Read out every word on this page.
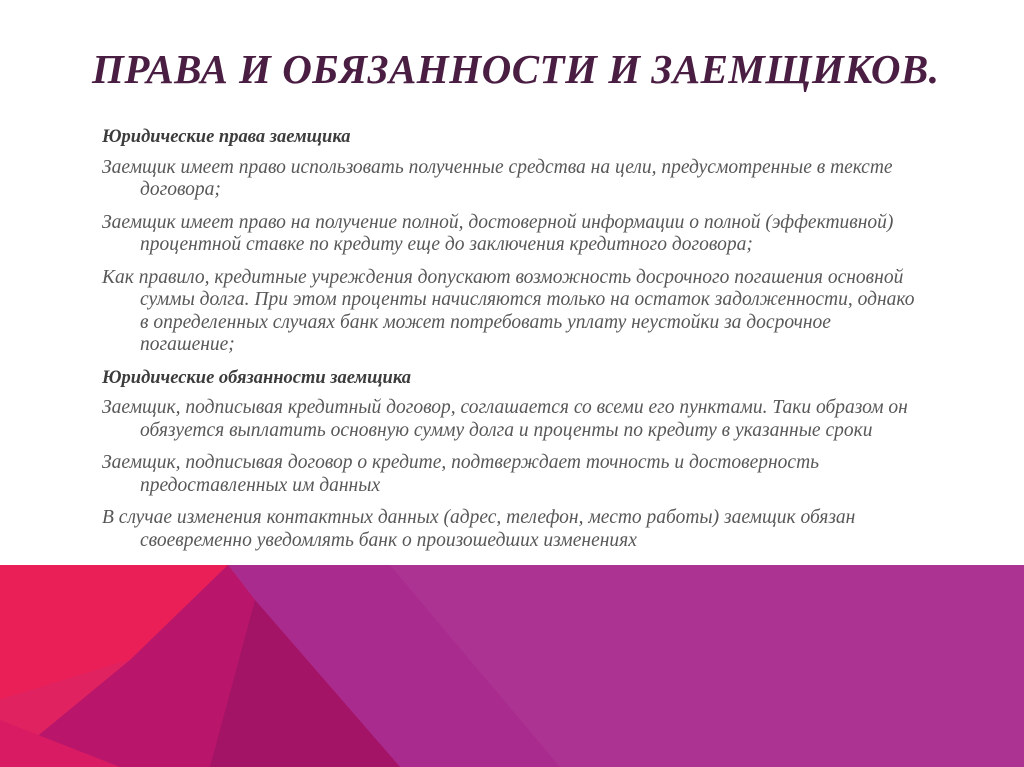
ПРАВА И ОБЯЗАННОСТИ И ЗАЕМЩИКОВ.
Юридические права заемщика
Заемщик имеет право использовать полученные средства на цели, предусмотренные в тексте договора;
Заемщик имеет право на получение полной, достоверной информации о полной (эффективной) процентной ставке по кредиту еще до заключения кредитного договора;
Как правило, кредитные учреждения допускают возможность досрочного погашения основной суммы долга. При этом проценты начисляются только на остаток задолженности, однако в определенных случаях банк может потребовать уплату неустойки за досрочное погашение;
Юридические обязанности заемщика
Заемщик, подписывая кредитный договор, соглашается со всеми его пунктами. Таки образом он обязуется выплатить основную сумму долга и проценты по кредиту в указанные сроки
Заемщик, подписывая договор о кредите, подтверждает точность и достоверность предоставленных им данных
В случае изменения контактных данных (адрес, телефон, место работы) заемщик обязан своевременно уведомлять банк о произошедших изменениях
